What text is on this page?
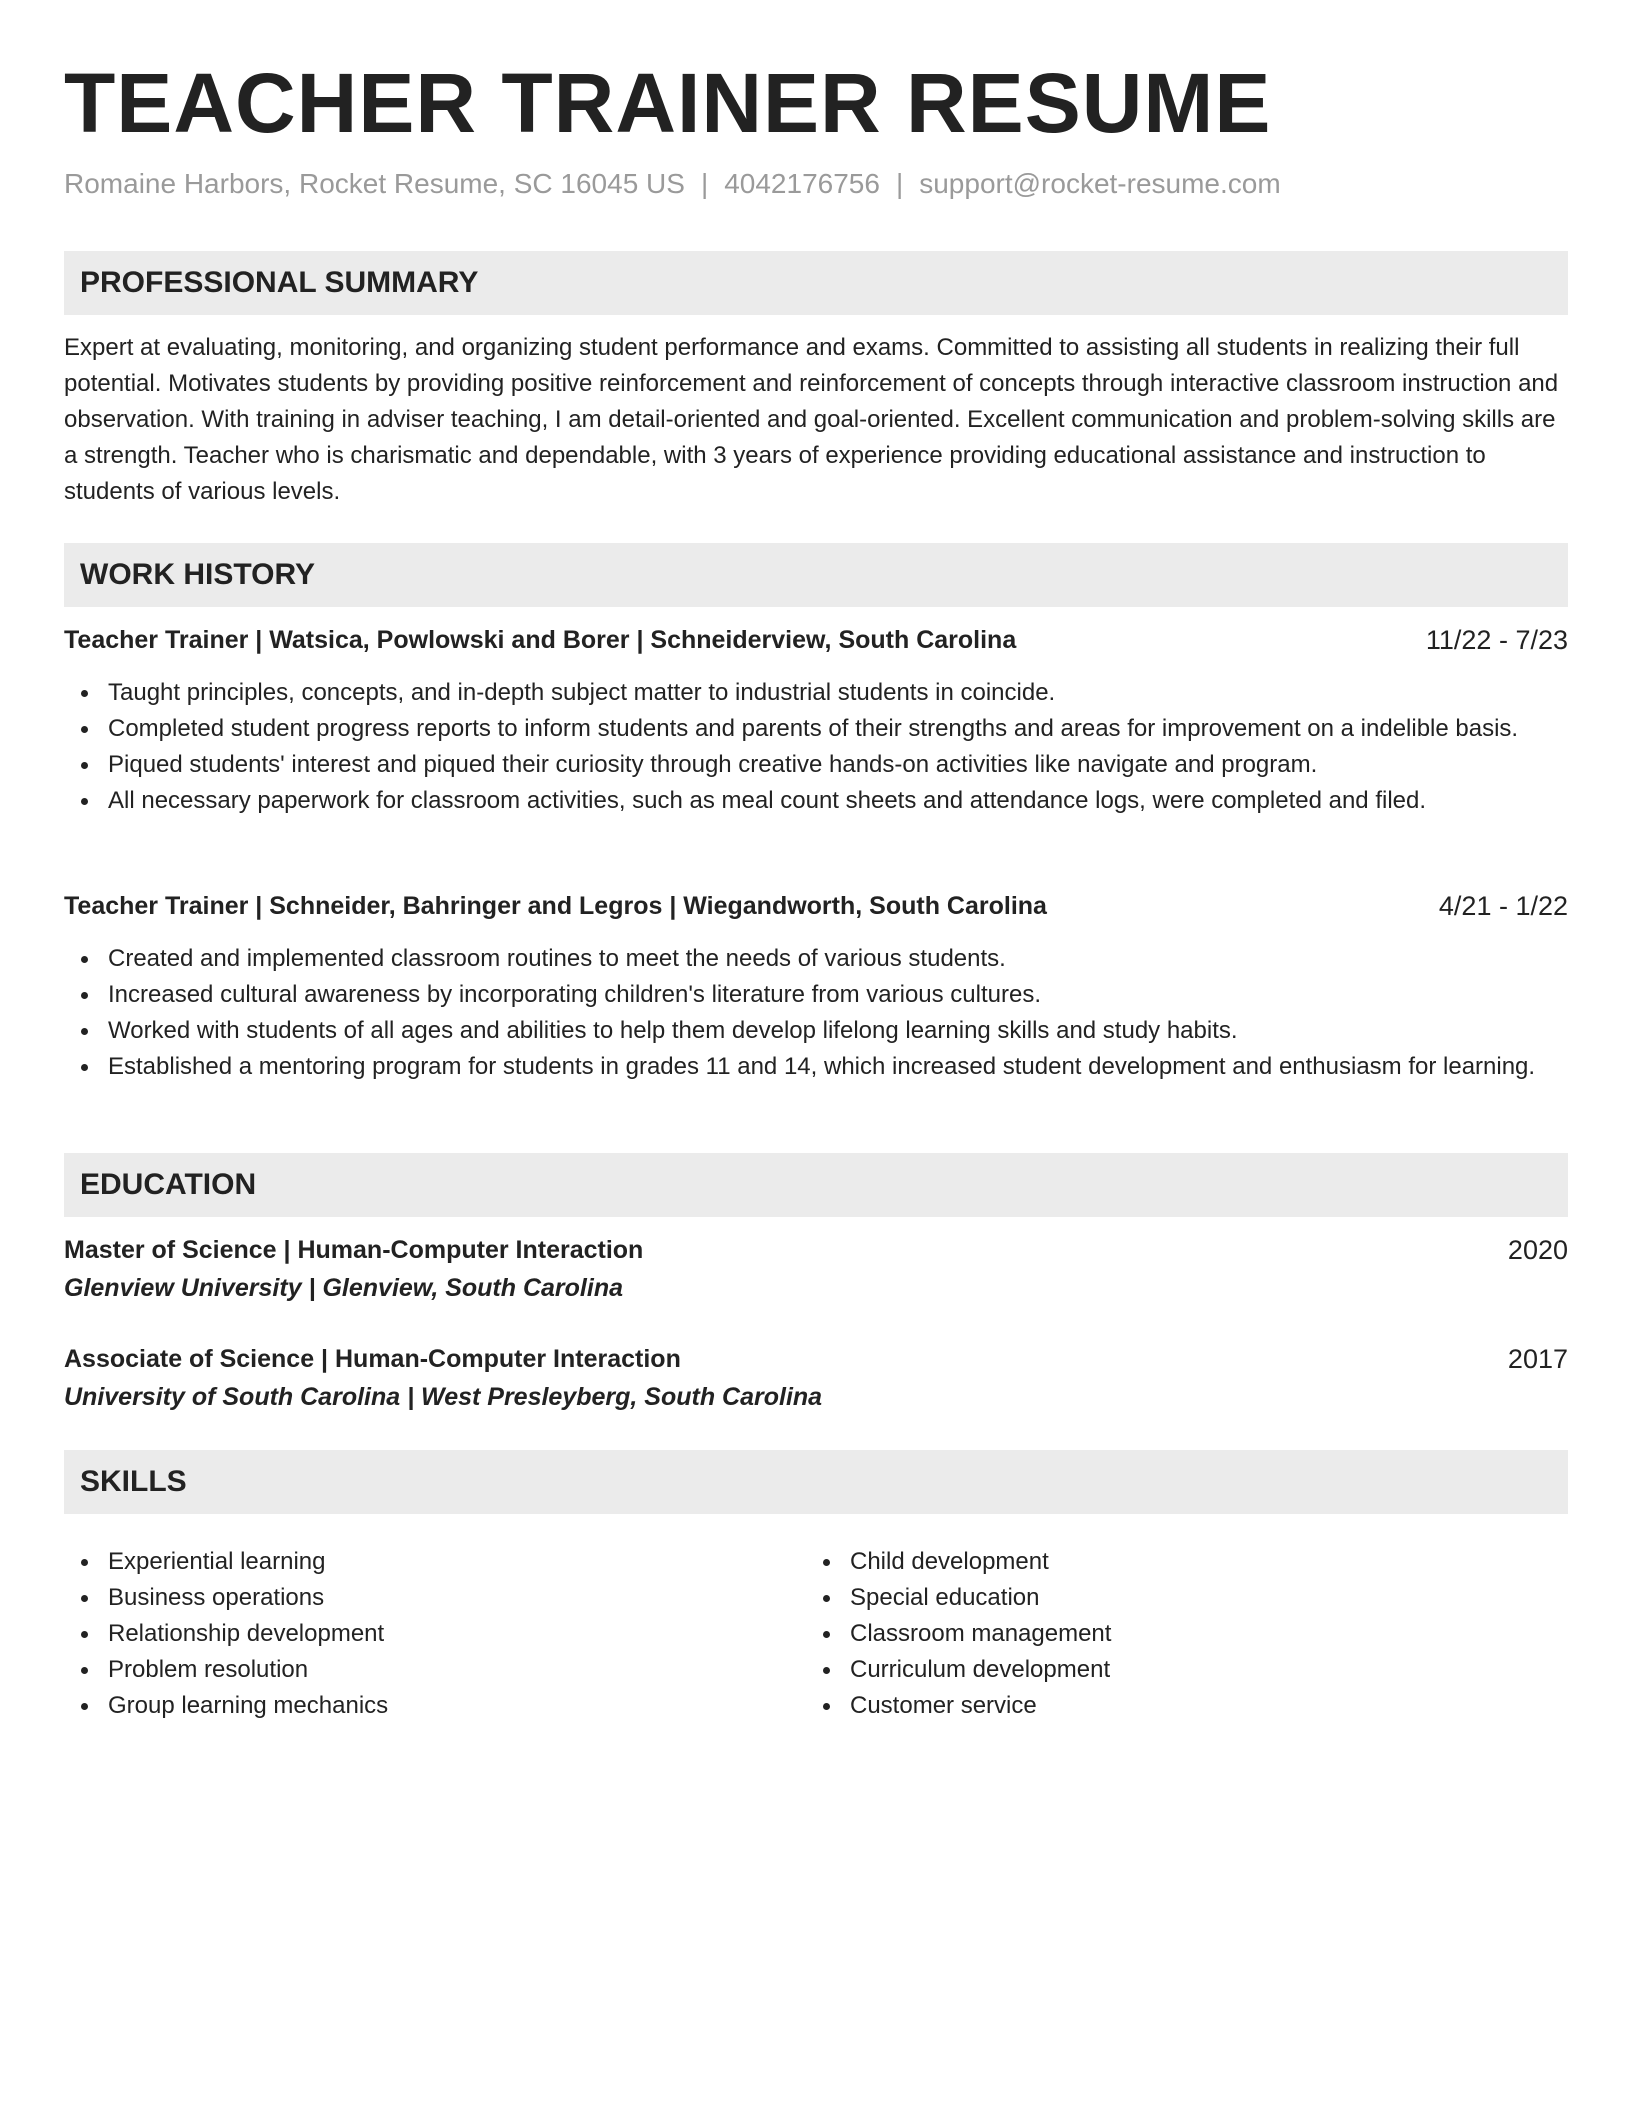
TEACHER TRAINER RESUME
Romaine Harbors, Rocket Resume, SC 16045 US | 4042176756 | support@rocket-resume.com
PROFESSIONAL SUMMARY

Expert at evaluating, monitoring, and organizing student performance and exams. Committed to assisting all students in realizing their full potential. Motivates students by providing positive reinforcement and reinforcement of concepts through interactive classroom instruction and observation. With training in adviser teaching, I am detail-oriented and goal-oriented. Excellent communication and problem-solving skills are a strength. Teacher who is charismatic and dependable, with 3 years of experience providing educational assistance and instruction to students of various levels.

WORK HISTORY
Teacher Trainer | Watsica, Powlowski and Borer | Schneiderview, South Carolina	11/22 - 7/23
Taught principles, concepts, and in-depth subject matter to industrial students in coincide.
Completed student progress reports to inform students and parents of their strengths and areas for improvement on a indelible basis.
Piqued students' interest and piqued their curiosity through creative hands-on activities like navigate and program.
All necessary paperwork for classroom activities, such as meal count sheets and attendance logs, were completed and filed.
Teacher Trainer | Schneider, Bahringer and Legros | Wiegandworth, South Carolina	4/21 - 1/22
Created and implemented classroom routines to meet the needs of various students.
Increased cultural awareness by incorporating children's literature from various cultures.
Worked with students of all ages and abilities to help them develop lifelong learning skills and study habits.
Established a mentoring program for students in grades 11 and 14, which increased student development and enthusiasm for learning.
EDUCATION
Master of Science | Human-Computer Interaction	2020
Glenview University | Glenview, South Carolina
Associate of Science | Human-Computer Interaction	2017
University of South Carolina | West Presleyberg, South Carolina
SKILLS
Experiential learning
Business operations
Relationship development
Problem resolution
Group learning mechanics
Child development
Special education
Classroom management
Curriculum development
Customer service
